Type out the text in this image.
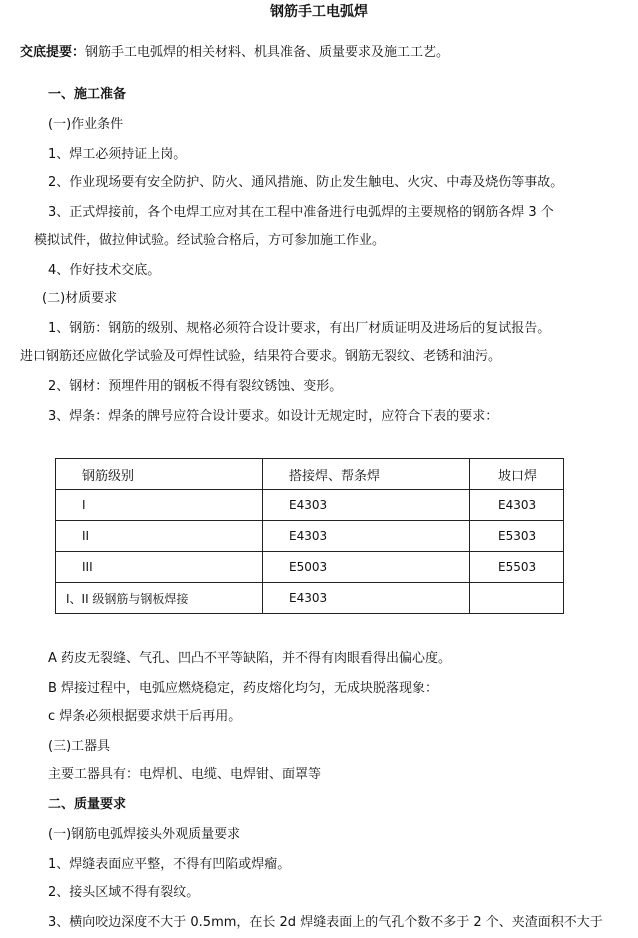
钢筋手工电弧焊
交底提要：钢筋手工电弧焊的相关材料、机具准备、质量要求及施工工艺。
一、施工准备
(一)作业条件
1、焊工必须持证上岗。
2、作业现场要有安全防护、防火、通风措施、防止发生触电、火灾、中毒及烧伤等事故。
3、正式焊接前，各个电焊工应对其在工程中准备进行电弧焊的主要规格的钢筋各焊 3 个
模拟试件，做拉伸试验。经试验合格后，方可参加施工作业。
4、作好技术交底。
(二)材质要求
1、钢筋：钢筋的级别、规格必须符合设计要求，有出厂材质证明及进场后的复试报告。
进口钢筋还应做化学试验及可焊性试验，结果符合要求。钢筋无裂纹、老锈和油污。
2、钢材：预埋件用的钢板不得有裂纹锈蚀、变形。
3、焊条：焊条的牌号应符合设计要求。如设计无规定时，应符合下表的要求：
钢筋级别	搭接焊、帮条焊	坡口焊
I	E4303	E4303
II	E4303	E5303
III	E5003	E5503
I、II 级钢筋与钢板焊接	E4303	
A 药皮无裂缝、气孔、凹凸不平等缺陷，并不得有肉眼看得出偏心度。
B 焊接过程中，电弧应燃烧稳定，药皮熔化均匀，无成块脱落现象：
c 焊条必须根据要求烘干后再用。
(三)工器具
主要工器具有：电焊机、电缆、电焊钳、面罩等
二、质量要求
(一)钢筋电弧焊接头外观质量要求
1、焊缝表面应平整，不得有凹陷或焊瘤。
2、接头区域不得有裂纹。
3、横向咬边深度不大于 0.5mm，在长 2d 焊缝表面上的气孔个数不多于 2 个、夹渣面积不大于
